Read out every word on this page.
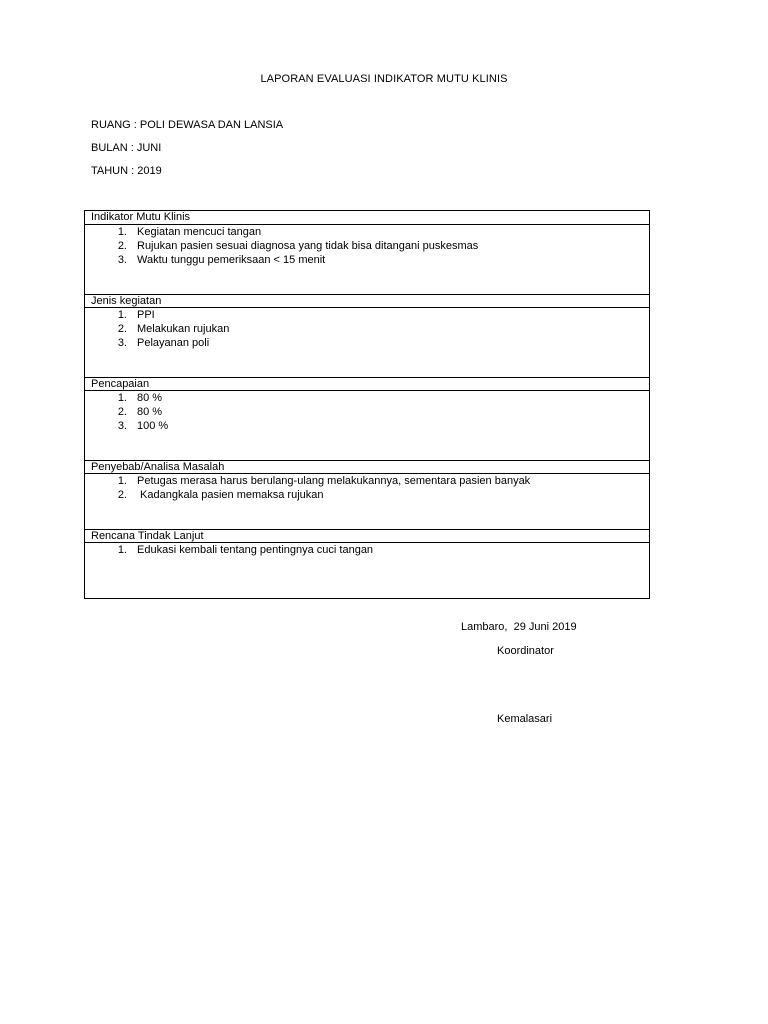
LAPORAN EVALUASI INDIKATOR MUTU KLINIS
RUANG : POLI DEWASA DAN LANSIA
BULAN : JUNI
TAHUN : 2019
Indikator Mutu Klinis
1. Kegiatan mencuci tangan
2. Rujukan pasien sesuai diagnosa yang tidak bisa ditangani puskesmas
3. Waktu tunggu pemeriksaan < 15 menit
Jenis kegiatan
1. PPI
2. Melakukan rujukan
3. Pelayanan poli
Pencapaian
1. 80 %
2. 80 %
3. 100 %
Penyebab/Analisa Masalah
1. Petugas merasa harus berulang-ulang melakukannya, sementara pasien banyak
2. Kadangkala pasien memaksa rujukan
Rencana Tindak Lanjut
1. Edukasi kembali tentang pentingnya cuci tangan
Lambaro,  29 Juni 2019
Koordinator
Kemalasari
